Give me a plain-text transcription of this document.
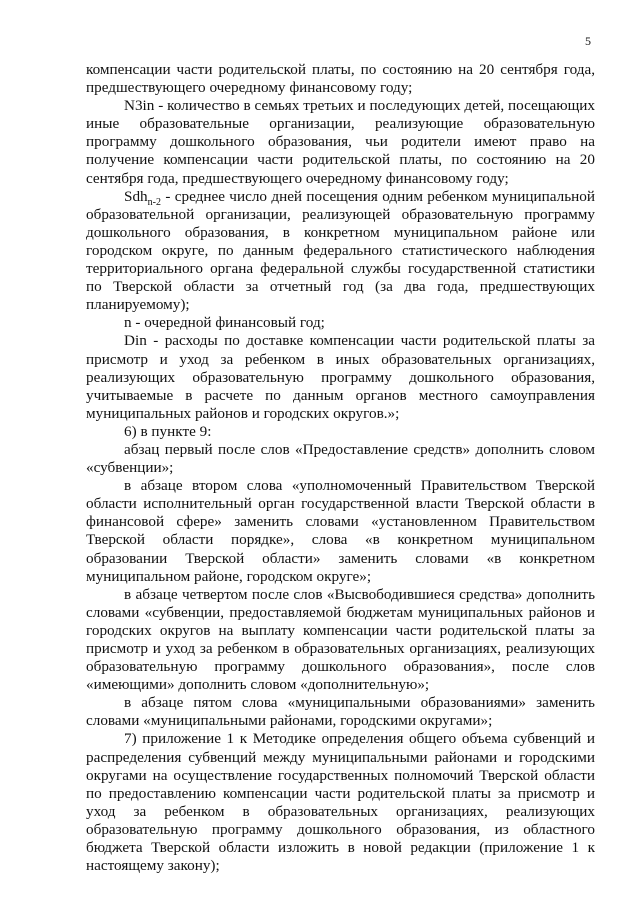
5

компенсации части родительской платы, по состоянию на 20 сентября года, предшествующего очередному финансовому году;

N3in - количество в семьях третьих и последующих детей, посещающих иные образовательные организации, реализующие образовательную программу дошкольного образования, чьи родители имеют право на получение компенсации части родительской платы, по состоянию на 20 сентября года, предшествующего очередному финансовому году;

Sdh$_{n-2}$ - среднее число дней посещения одним ребенком муниципальной образовательной организации, реализующей образовательную программу дошкольного образования, в конкретном муниципальном районе или городском округе, по данным федерального статистического наблюдения территориального органа федеральной службы государственной статистики по Тверской области за отчетный год (за два года, предшествующих планируемому);

n - очередной финансовый год;

Din - расходы по доставке компенсации части родительской платы за присмотр и уход за ребенком в иных образовательных организациях, реализующих образовательную программу дошкольного образования, учитываемые в расчете по данным органов местного самоуправления муниципальных районов и городских округов.»;

6) в пункте 9:

абзац первый после слов «Предоставление средств» дополнить словом «субвенции»;

в абзаце втором слова «уполномоченный Правительством Тверской области исполнительный орган государственной власти Тверской области в финансовой сфере» заменить словами «установленном Правительством Тверской области порядке», слова «в конкретном муниципальном образовании Тверской области» заменить словами «в конкретном муниципальном районе, городском округе»;

в абзаце четвертом после слов «Высвободившиеся средства» дополнить словами «субвенции, предоставляемой бюджетам муниципальных районов и городских округов на выплату компенсации части родительской платы за присмотр и уход за ребенком в образовательных организациях, реализующих образовательную программу дошкольного образования», после слов «имеющими» дополнить словом «дополнительную»;

в абзаце пятом слова «муниципальными образованиями» заменить словами «муниципальными районами, городскими округами»;

7) приложение 1 к Методике определения общего объема субвенций и распределения субвенций между муниципальными районами и городскими округами на осуществление государственных полномочий Тверской области по предоставлению компенсации части родительской платы за присмотр и уход за ребенком в образовательных организациях, реализующих образовательную программу дошкольного образования, из областного бюджета Тверской области изложить в новой редакции (приложение 1 к настоящему закону);
